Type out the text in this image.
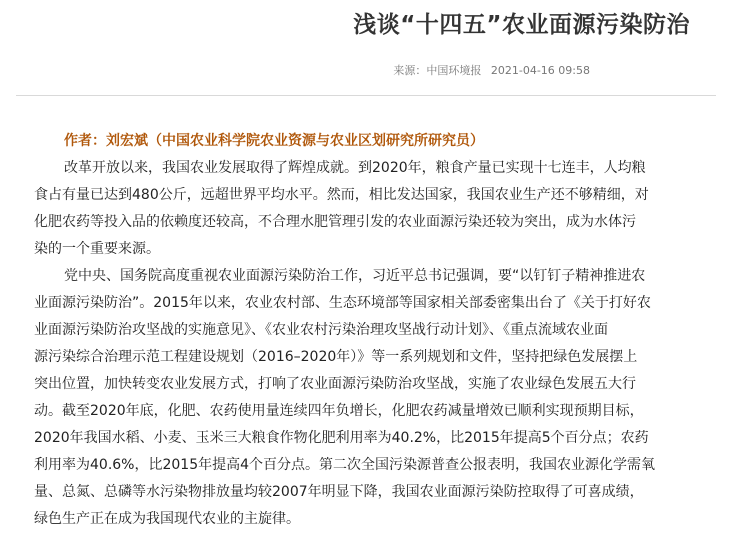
浅谈“十四五”农业面源污染防治
来源：中国环境报 2021-04-16 09:58

作者：刘宏斌（中国农业科学院农业资源与农业区划研究所研究员）

改革开放以来，我国农业发展取得了辉煌成就。到2020年，粮食产量已实现十七连丰，人均粮
食占有量已达到480公斤，远超世界平均水平。然而，相比发达国家，我国农业生产还不够精细，对
化肥农药等投入品的依赖度还较高，不合理水肥管理引发的农业面源污染还较为突出，成为水体污
染的一个重要来源。

党中央、国务院高度重视农业面源污染防治工作，习近平总书记强调，要“以钉钉子精神推进农
业面源污染防治”。2015年以来，农业农村部、生态环境部等国家相关部委密集出台了《关于打好农
业面源污染防治攻坚战的实施意见》、《农业农村污染治理攻坚战行动计划》、《重点流域农业面
源污染综合治理示范工程建设规划（2016–2020年）》等一系列规划和文件，坚持把绿色发展摆上
突出位置，加快转变农业发展方式，打响了农业面源污染防治攻坚战，实施了农业绿色发展五大行
动。截至2020年底，化肥、农药使用量连续四年负增长，化肥农药减量增效已顺利实现预期目标，
2020年我国水稻、小麦、玉米三大粮食作物化肥利用率为40.2%，比2015年提高5个百分点；农药
利用率为40.6%，比2015年提高4个百分点。第二次全国污染源普查公报表明，我国农业源化学需氧
量、总氮、总磷等水污染物排放量均较2007年明显下降，我国农业面源污染防控取得了可喜成绩，
绿色生产正在成为我国现代农业的主旋律。
